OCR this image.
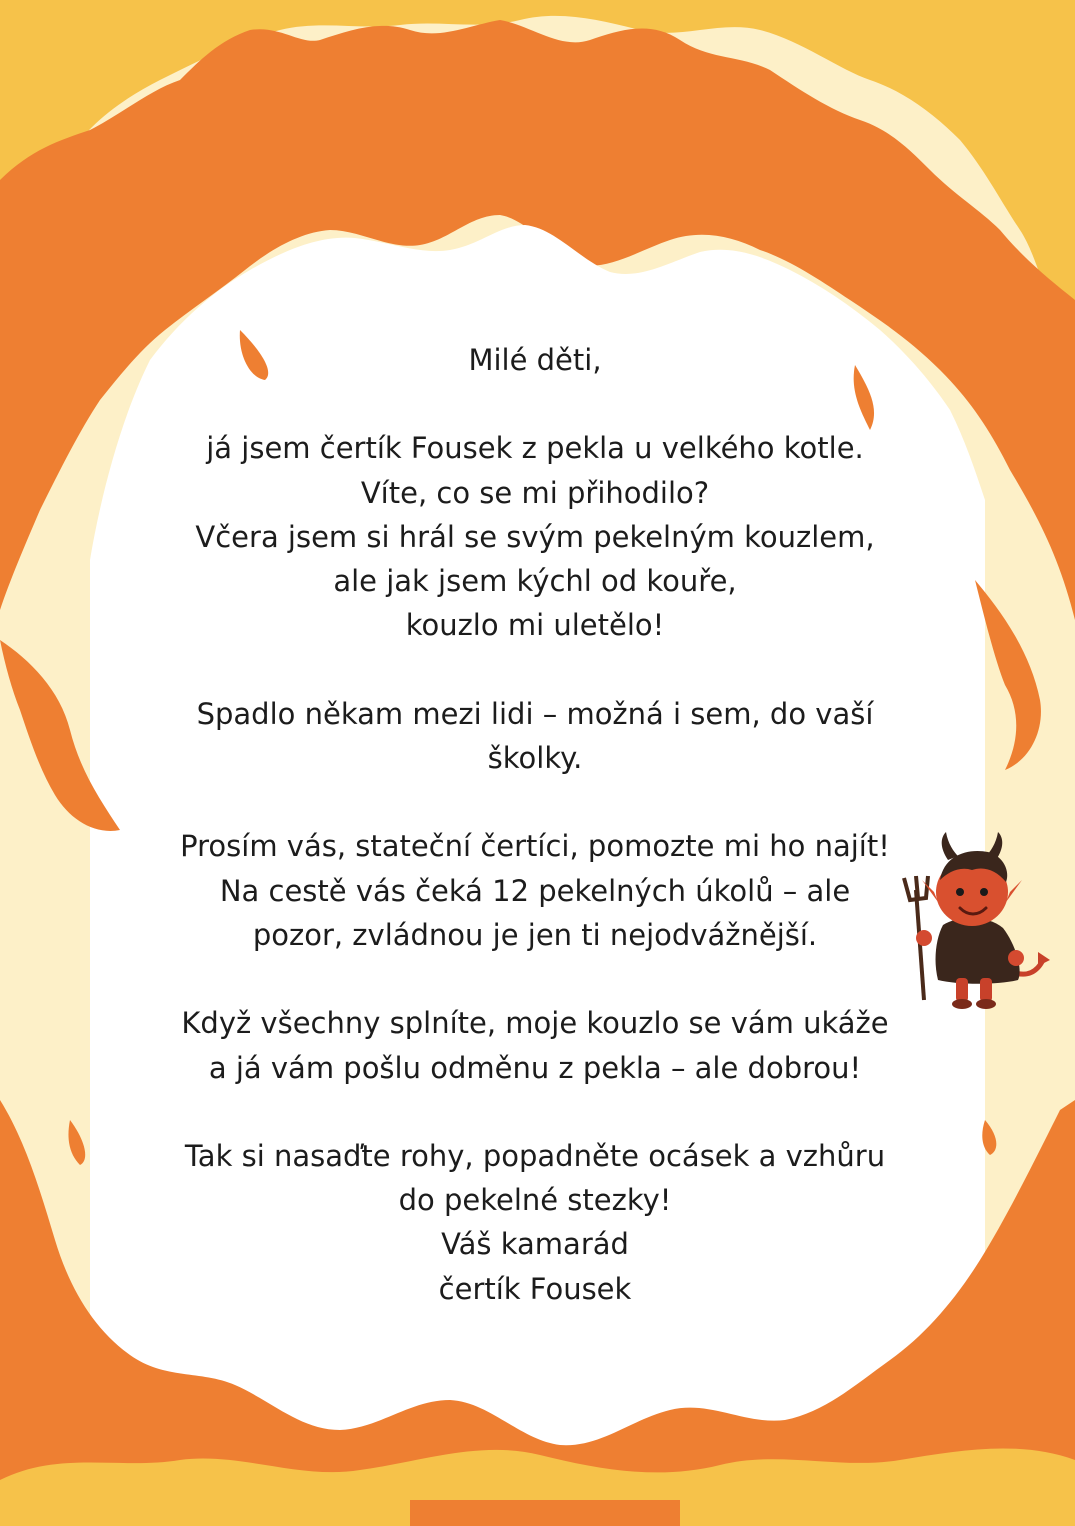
Milé děti,

já jsem čertík Fousek z pekla u velkého kotle.

Víte, co se mi přihodilo?

Včera jsem si hrál se svým pekelným kouzlem,

ale jak jsem kýchl od kouře,

kouzlo mi uletělo!

Spadlo někam mezi lidi – možná i sem, do vaší

školky.

Prosím vás, stateční čertíci, pomozte mi ho najít!

Na cestě vás čeká 12 pekelných úkolů – ale

pozor, zvládnou je jen ti nejodvážnější.

Když všechny splníte, moje kouzlo se vám ukáže

a já vám pošlu odměnu z pekla – ale dobrou!

Tak si nasaďte rohy, popadněte ocásek a vzhůru

do pekelné stezky!

Váš kamarád

čertík Fousek
